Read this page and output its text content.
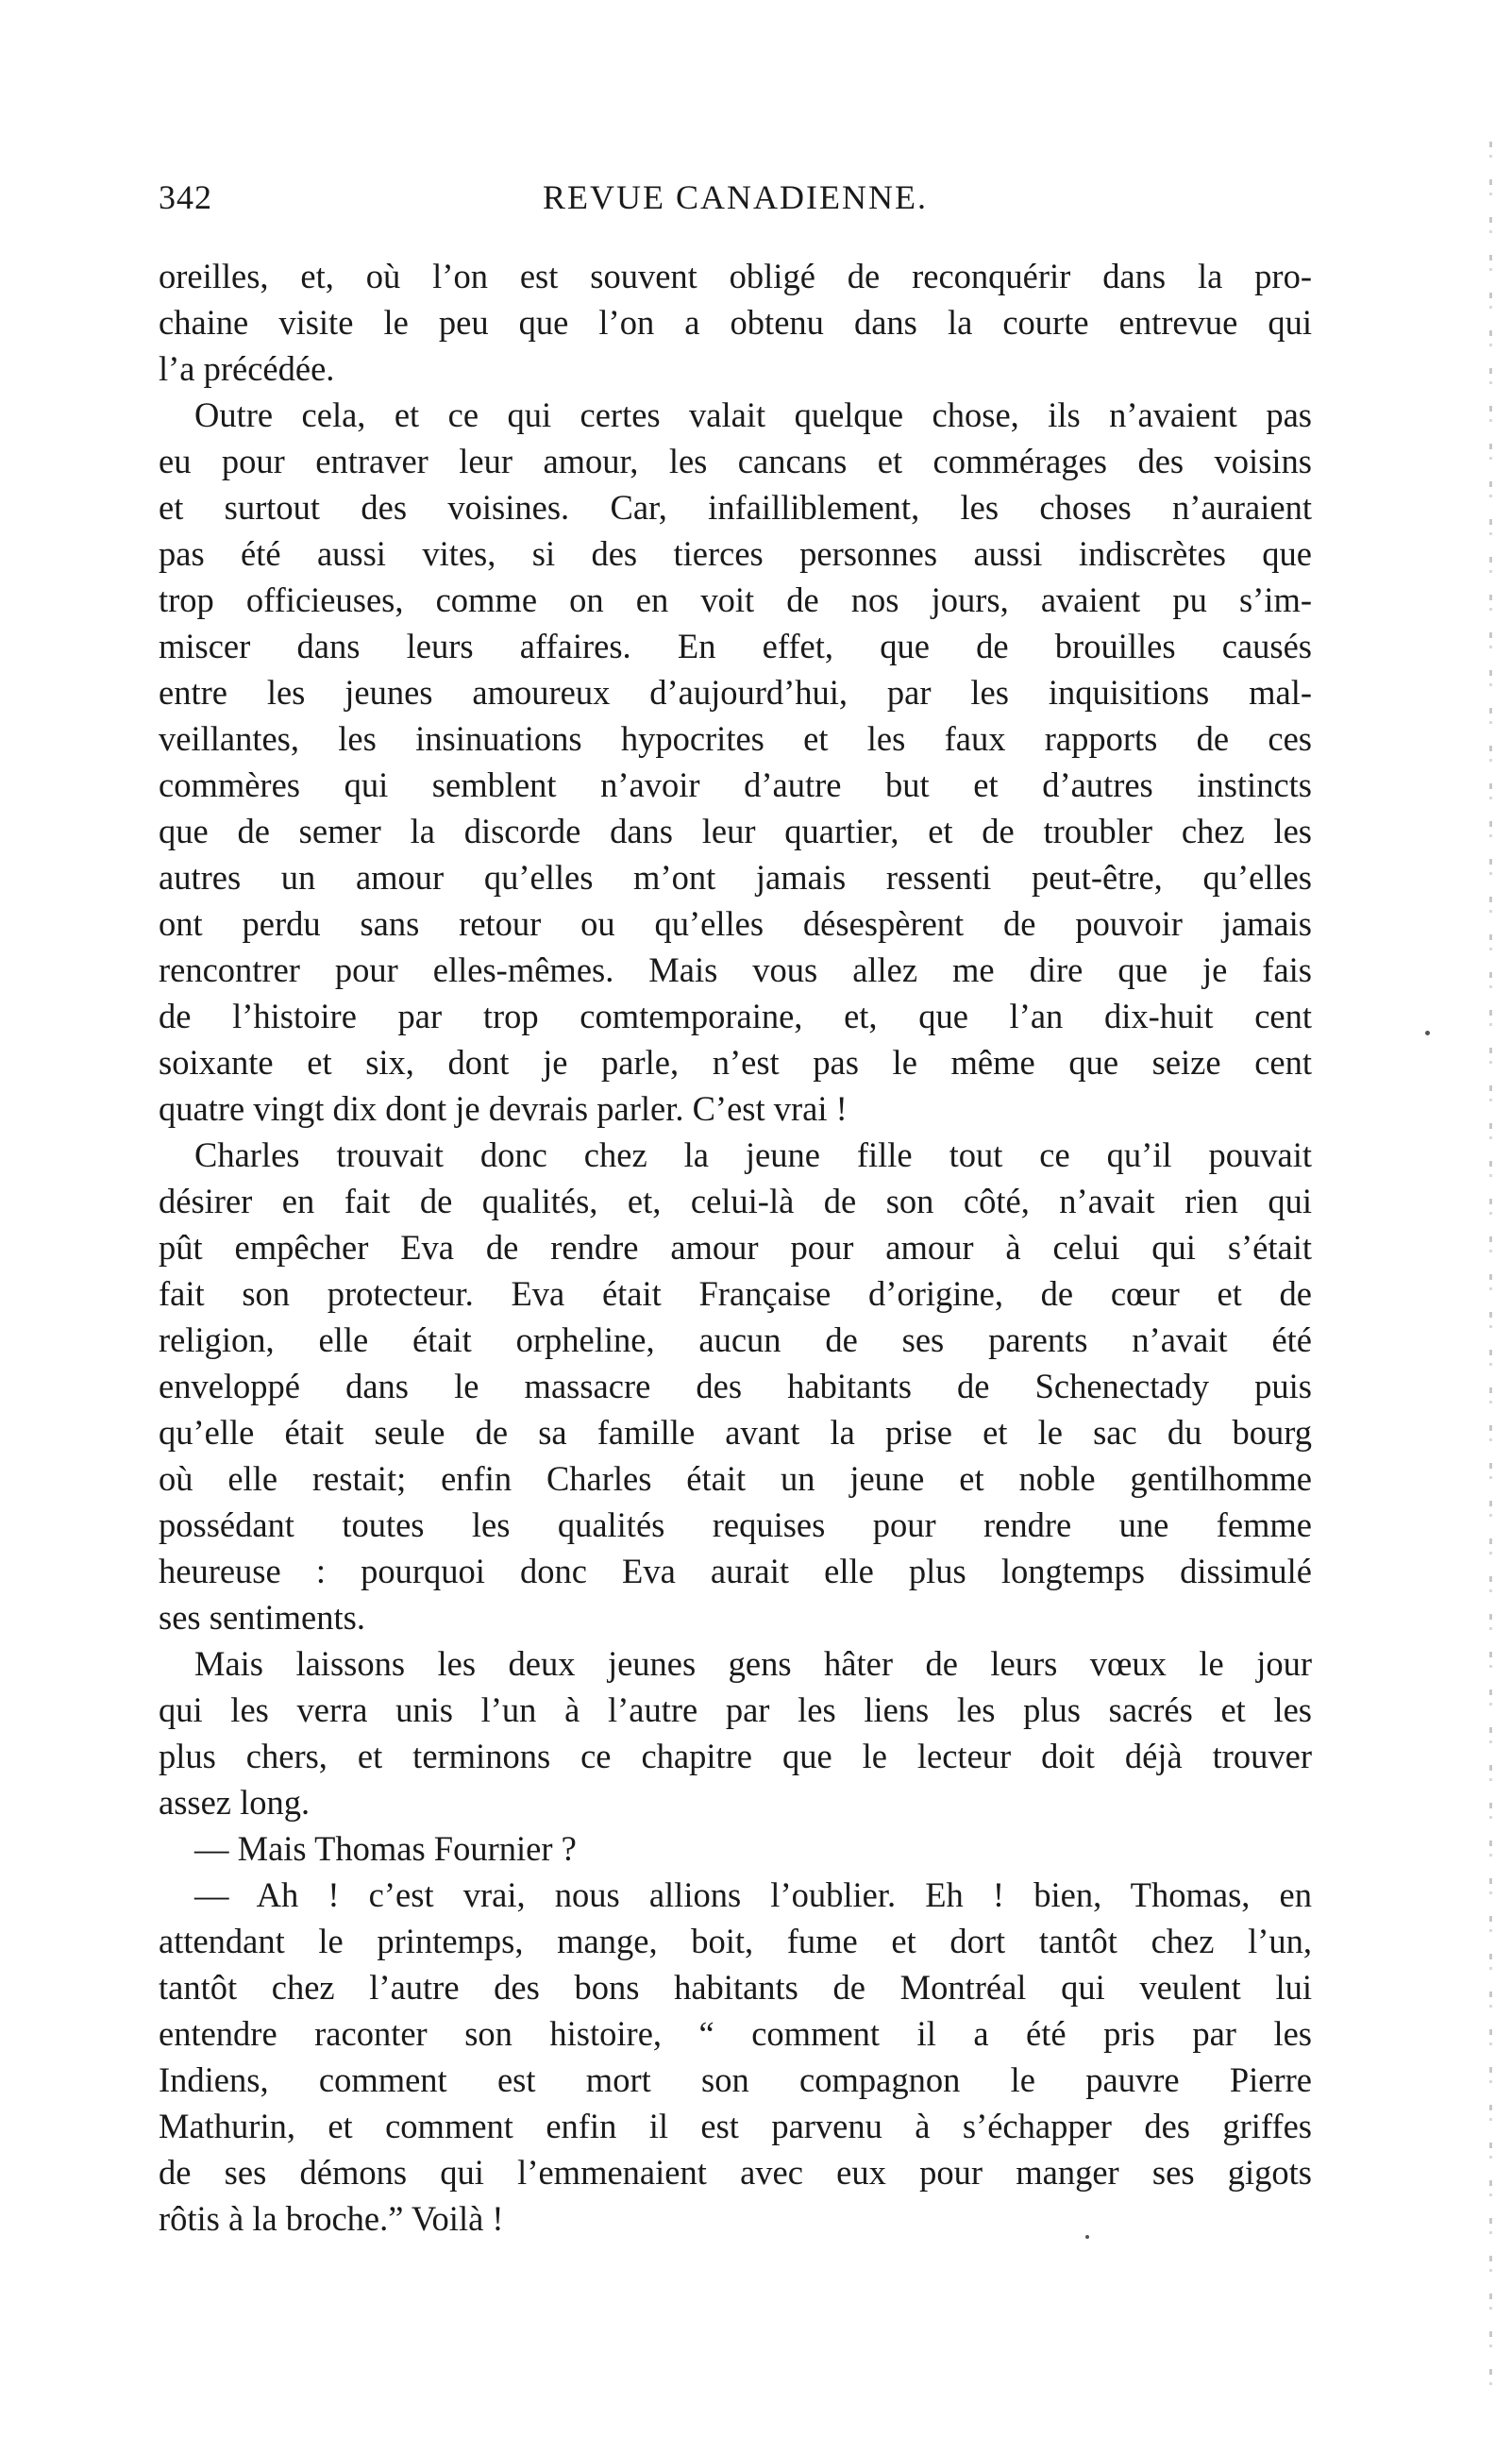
342	REVUE CANADIENNE.
oreilles, et, où l’on est souvent obligé de reconquérir dans la pro-
chaine visite le peu que l’on a obtenu dans la courte entrevue qui
l’a précédée.
Outre cela, et ce qui certes valait quelque chose, ils n’avaient pas
eu pour entraver leur amour, les cancans et commérages des voisins
et surtout des voisines. Car, infailliblement, les choses n’auraient
pas été aussi vites, si des tierces personnes aussi indiscrètes que
trop officieuses, comme on en voit de nos jours, avaient pu s’im-
miscer dans leurs affaires. En effet, que de brouilles causés
entre les jeunes amoureux d’aujourd’hui, par les inquisitions mal-
veillantes, les insinuations hypocrites et les faux rapports de ces
commères qui semblent n’avoir d’autre but et d’autres instincts
que de semer la discorde dans leur quartier, et de troubler chez les
autres un amour qu’elles m’ont jamais ressenti peut-être, qu’elles
ont perdu sans retour ou qu’elles désespèrent de pouvoir jamais
rencontrer pour elles-mêmes. Mais vous allez me dire que je fais
de l’histoire par trop comtemporaine, et, que l’an dix-huit cent
soixante et six, dont je parle, n’est pas le même que seize cent
quatre vingt dix dont je devrais parler. C’est vrai !
Charles trouvait donc chez la jeune fille tout ce qu’il pouvait
désirer en fait de qualités, et, celui-là de son côté, n’avait rien qui
pût empêcher Eva de rendre amour pour amour à celui qui s’était
fait son protecteur. Eva était Française d’origine, de cœur et de
religion, elle était orpheline, aucun de ses parents n’avait été
enveloppé dans le massacre des habitants de Schenectady puis
qu’elle était seule de sa famille avant la prise et le sac du bourg
où elle restait; enfin Charles était un jeune et noble gentilhomme
possédant toutes les qualités requises pour rendre une femme
heureuse : pourquoi donc Eva aurait elle plus longtemps dissimulé
ses sentiments.
Mais laissons les deux jeunes gens hâter de leurs vœux le jour
qui les verra unis l’un à l’autre par les liens les plus sacrés et les
plus chers, et terminons ce chapitre que le lecteur doit déjà trouver
assez long.
— Mais Thomas Fournier ?
— Ah ! c’est vrai, nous allions l’oublier. Eh ! bien, Thomas, en
attendant le printemps, mange, boit, fume et dort tantôt chez l’un,
tantôt chez l’autre des bons habitants de Montréal qui veulent lui
entendre raconter son histoire, “ comment il a été pris par les
Indiens, comment est mort son compagnon le pauvre Pierre
Mathurin, et comment enfin il est parvenu à s’échapper des griffes
de ses démons qui l’emmenaient avec eux pour manger ses gigots
rôtis à la broche.” Voilà !
